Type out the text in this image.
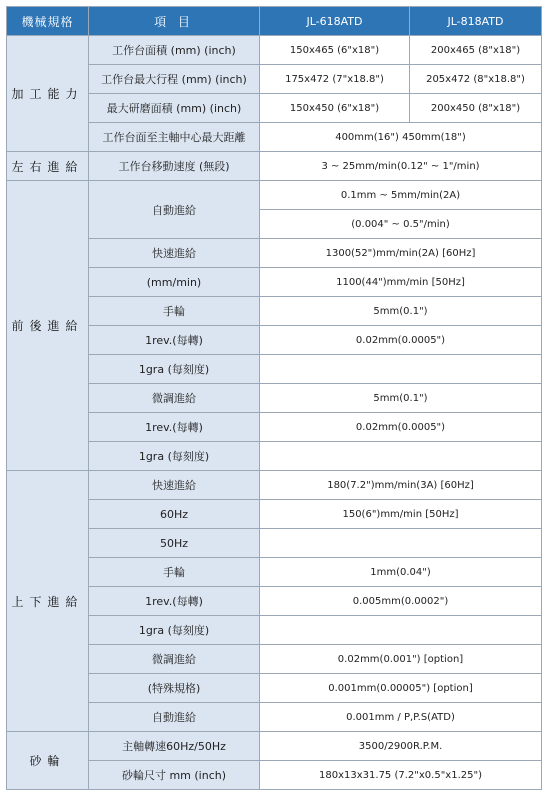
機械規格	項 目	JL-618ATD	JL-818ATD
加工能力	工作台面積 (mm) (inch)	150x465 (6"x18")	200x465 (8"x18")
	工作台最大行程 (mm) (inch)	175x472 (7"x18.8")	205x472 (8"x18.8")
	最大研磨面積 (mm) (inch)	150x450 (6"x18")	200x450 (8"x18")
	工作台面至主軸中心最大距離	400mm(16") 450mm(18")	
左右進給	工作台移動速度 (無段)	3 ~ 25mm/min(0.12" ~ 1"/min)	
前後進給	自動進給	0.1mm ~ 5mm/min(2A)	
		(0.004" ~ 0.5"/min)	
	快速進給	1300(52")mm/min(2A) [60Hz]	
	(mm/min)	1100(44")mm/min [50Hz]	
	手輪	5mm(0.1")	
	1rev.(每轉)	0.02mm(0.0005")	
	1gra (每刻度)		
	微調進給	5mm(0.1")	
	1rev.(每轉)	0.02mm(0.0005")	
	1gra (每刻度)		
上下進給	快速進給	180(7.2")mm/min(3A) [60Hz]	
	60Hz	150(6")mm/min [50Hz]	
	50Hz		
	手輪	1mm(0.04")	
	1rev.(每轉)	0.005mm(0.0002")	
	1gra (每刻度)		
	微調進給	0.02mm(0.001") [option]	
	(特殊規格)	0.001mm(0.00005") [option]	
	自動進給	0.001mm / P,P.S(ATD)	
砂輪	主軸轉速60Hz/50Hz	3500/2900R.P.M.	
	砂輪尺寸 mm (inch)	180x13x31.75 (7.2"x0.5"x1.25")	
